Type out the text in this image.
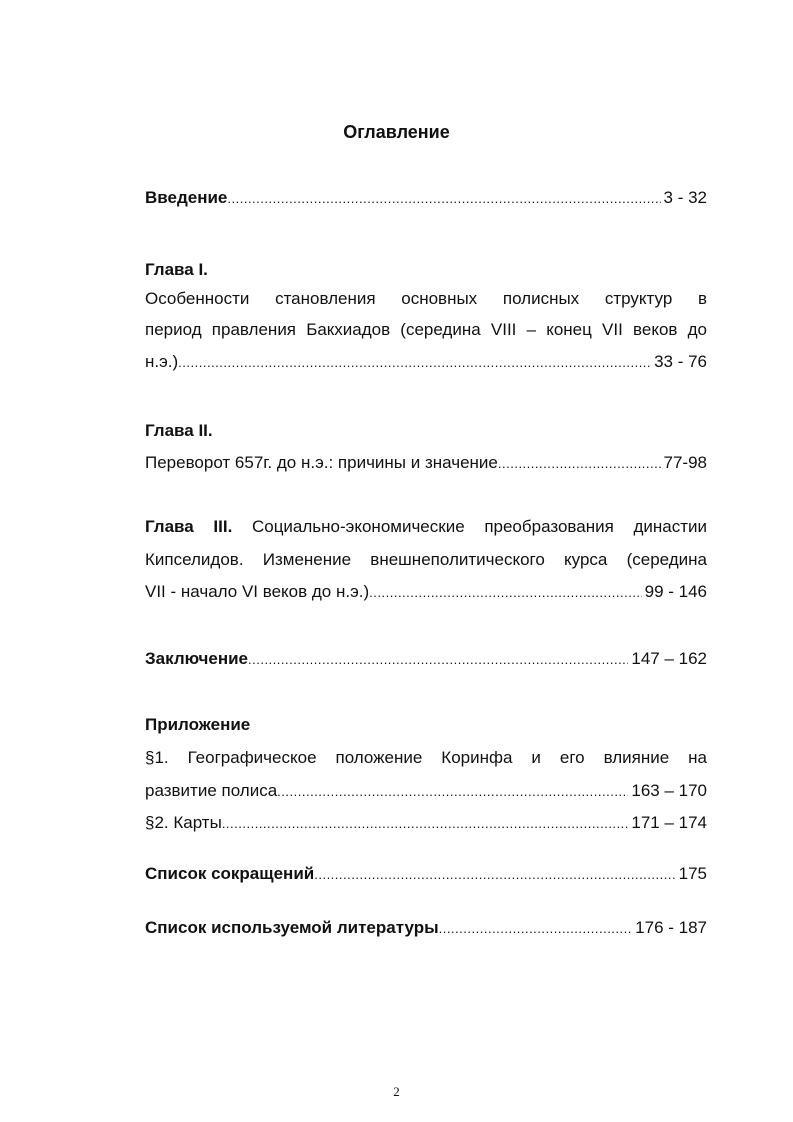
Оглавление
Введение .....	3 - 32
Глава I.
Особенности становления основных полисных структур в
период правления Бакхиадов (середина VIII – конец VII веков до
н.э.) .....	33 - 76
Глава II.
Переворот 657г. до н.э.: причины и значение .....	77-98
Глава III. Социально-экономические преобразования династии
Кипселидов. Изменение внешнеполитического курса (середина
VII - начало VI веков до н.э.) .....	99 - 146
Заключение .....	147 – 162
Приложение
§1. Географическое положение Коринфа и его влияние на
развитие полиса .....	163 – 170
§2. Карты .....	171 – 174
Список сокращений .....	175
Список используемой литературы .....	176 - 187
2
